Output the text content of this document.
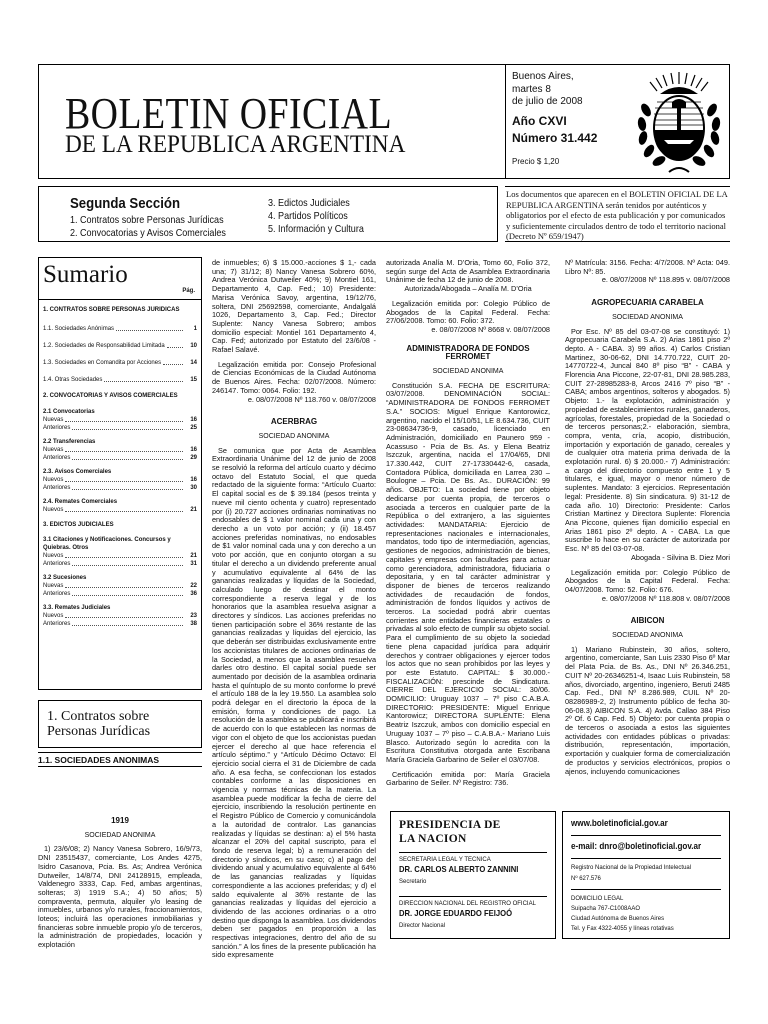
BOLETIN OFICIAL
DE LA REPUBLICA ARGENTINA
Buenos Aires,
martes 8
de julio de 2008
Año CXVI
Número 31.442
Precio $ 1,20
Segunda Sección
1. Contratos sobre Personas Jurídicas
2. Convocatorias y Avisos Comerciales
3. Edictos Judiciales
4. Partidos Políticos
5. Información y Cultura
Los documentos que aparecen en el BOLETIN OFICIAL DE LA REPUBLICA ARGENTINA serán tenidos por auténticos y obligatorios por el efecto de esta publicación y por comunicados y suficientemente circulados dentro de todo el territorio nacional (Decreto Nº 659/1947)
Sumario
Pág.
1. CONTRATOS SOBRE PERSONAS JURIDICAS
1.1. Sociedades Anónimas	1
1.2. Sociedades de Responsabilidad Limitada	10
1.3. Sociedades en Comandita por Acciones	14
1.4. Otras Sociedades	15
2. CONVOCATORIAS Y AVISOS COMERCIALES
2.1 Convocatorias
Nuevas	16
Anteriores	25
2.2 Transferencias
Nuevas	16
Anteriores	29
2.3. Avisos Comerciales
Nuevos	16
Anteriores	30
2.4. Remates Comerciales
Nuevos	21
3. EDICTOS JUDICIALES
3.1 Citaciones y Notificaciones. Concursos y Quiebras. Otros
Nuevos	21
Anteriores	31
3.2 Sucesiones
Nuevas	22
Anteriores	36
3.3. Remates Judiciales
Nuevos	23
Anteriores	38
1. Contratos sobre
Personas Jurídicas
1.1. SOCIEDADES ANONIMAS
1919
SOCIEDAD ANONIMA

1) 23/6/08; 2) Nancy Vanesa Sobrero, 16/9/73, DNI 23515437, comerciante, Los Andes 4275, Isidro Casanova, Pcia. Bs. As; Andrea Verónica Dutweiler, 14/8/74, DNI 24128915, empleada, Valdenegro 3333, Cap. Fed, ambas argentinas, solteras; 3) 1919 S.A.; 4) 50 años; 5) compraventa, permuta, alquiler y/o leasing de inmuebles, urbanos y/o rurales, fraccionamientos, loteos; incluirá las operaciones inmobiliarias y financieras sobre inmueble propio y/o de terceros, la administración de propiedades, locación y explotación

de inmuebles; 6) $ 15.000.-acciones $ 1,- cada una; 7) 31/12; 8) Nancy Vanesa Sobrero 60%, Andrea Verónica Dutweiler 40%; 9) Montiel 161, Departamento 4, Cap. Fed.; 10) Presidente: Marisa Verónica Savoy, argentina, 19/12/76, soltera, DNI 25692598, comerciante, Andalgalá 1026, Departamento 3, Cap. Fed.; Director Suplente: Nancy Vanesa Sobrero; ambos domicilio especial: Montiel 161 Departamento 4, Cap. Fed; autorizado por Estatuto del 23/6/08 - Rafael Salavé.

Legalización emitida por: Consejo Profesional de Ciencias Económicas de la Ciudad Autónoma de Buenos Aires. Fecha: 02/07/2008. Número: 246147. Tomo: 0064. Folio: 192.

e. 08/07/2008 Nº 118.760 v. 08/07/2008

ACERBRAG
SOCIEDAD ANONIMA

Se comunica que por Acta de Asamblea Extraordinaria Unánime del 12 de junio de 2008 se resolvió la reforma del artículo cuarto y décimo octavo del Estatuto Social, el que queda redactado de la siguiente forma: “Artículo Cuarto: El capital social es de $ 39.184 (pesos treinta y nueve mil ciento ochenta y cuatro) representado por (i) 20.727 acciones ordinarias nominativas no endosables de $ 1 valor nominal cada una y con derecho a un voto por acción; y (ii) 18.457 acciones preferidas nominativas, no endosables de $1 valor nominal cada una y con derecho a un voto por acción, que en conjunto otorgan a su titular el derecho a un dividendo preferente anual y acumulativo equivalente al 64% de las ganancias realizadas y líquidas de la Sociedad, calculado luego de destinar el monto correspondiente a reserva legal y de los honorarios que la asamblea resuelva asignar a directores y síndicos. Las acciones preferidas no tienen participación sobre el 36% restante de las ganancias realizadas y líquidas del ejercicio, las que deberán ser distribuidas exclusivamente entre los accionistas titulares de acciones ordinarias de la Sociedad, a menos que la asamblea resuelva darles otro destino. El capital social puede ser aumentado por decisión de la asamblea ordinaria hasta el quíntuplo de su monto conforme lo prevé el artículo 188 de la ley 19.550. La asamblea solo podrá delegar en el directorio la época de la emisión, forma y condiciones de pago. La resolución de la asamblea se publicará e inscribirá de acuerdo con lo que establecen las normas de vigor con el objeto de que los accionistas puedan ejercer el derecho al que hace referencia el artículo séptimo.” y “Artículo Décimo Octavo: El ejercicio social cierra el 31 de Diciembre de cada año. A esa fecha, se confeccionan los estados contables conforme a las disposiciones en vigencia y normas técnicas de la materia. La asamblea puede modificar la fecha de cierre del ejercicio, inscribiendo la resolución pertinente en el Registro Público de Comercio y comunicándola a la autoridad de contralor. Las ganancias realizadas y líquidas se destinan: a) el 5% hasta alcanzar el 20% del capital suscripto, para el fondo de reserva legal; b) a remuneración del directorio y síndicos, en su caso; c) al pago del dividendo anual y acumulativo equivalente al 64% de las ganancias realizadas y líquidas correspondiente a las acciones preferidas; y d) el saldo equivalente al 36% restante de las ganancias realizadas y líquidas del ejercicio a dividendo de las acciones ordinarias o a otro destino que disponga la asamblea. Los dividendos deben ser pagados en proporción a las respectivas integraciones, dentro del año de su sanción.” A los fines de la presente publicación ha sido expresamente

autorizada Analía M. D’Oria, Tomo 60, Folio 372, según surge del Acta de Asamblea Extraordinaria Unánime de fecha 12 de junio de 2008.

Autorizada/Abogada – Analía M. D’Oria

Legalización emitida por: Colegio Público de Abogados de la Capital Federal. Fecha: 27/06/2008. Tomo: 60. Folio: 372.

e. 08/07/2008 Nº 8668 v. 08/07/2008

ADMINISTRADORA DE FONDOS FERROMET
SOCIEDAD ANONIMA

Constitución S.A. FECHA DE ESCRITURA: 03/07/2008. DENOMINACIÓN SOCIAL: “ADMINISTRADORA DE FONDOS FERROMET S.A.” SOCIOS: Miguel Enrique Kantorowicz, argentino, nacido el 15/10/51, LE 8.634.736, CUIT 23-08634736-9, casado, licenciado en Administración, domiciliado en Paunero 959 - Acassuso - Pcia de Bs. As. y Elena Beatriz Iszczuk, argentina, nacida el 17/04/65, DNI 17.330.442, CUIT 27-17330442-6, casada, Contadora Pública, domiciliada en Larrea 230 – Boulogne – Pcia. De Bs. As.. DURACIÓN: 99 años. OBJETO: La sociedad tiene por objeto dedicarse por cuenta propia, de terceros o asociada a terceros en cualquier parte de la República o del extranjero, a las siguientes actividades: MANDATARIA: Ejercicio de representaciones nacionales e internacionales, mandatos, todo tipo de intermediación, agencias, gestiones de negocios, administración de bienes, capitales y empresas con facultades para actuar como gerenciadora, administradora, fiduciaria o depositaria, y en tal carácter administrar y disponer de bienes de terceros realizando actividades de recaudación de fondos, administración de fondos líquidos y activos de terceros. La sociedad podrá abrir cuentas corrientes ante entidades financieras estatales o privadas al solo efecto de cumplir su objeto social. Para el cumplimiento de su objeto la sociedad tiene plena capacidad jurídica para adquirir derechos y contraer obligaciones y ejercer todos los actos que no sean prohibidos por las leyes y por este Estatuto. CAPITAL: $ 30.000.- FISCALIZACIÓN: prescinde de Sindicatura. CIERRE DEL EJERCICIO SOCIAL: 30/06. DOMICILIO: Uruguay 1037 – 7º piso C.A.B.A. DIRECTORIO: PRESIDENTE: Miguel Enrique Kantorowicz; DIRECTORA SUPLENTE: Elena Beatriz Iszczuk, ambos con domicilio especial en Uruguay 1037 – 7º piso – C.A.B.A.- Mariano Luis Blasco. Autorizado según lo acredita con la Escritura Constitutiva otorgada ante Escribana María Graciela Garbarino de Seiler el 03/07/08.

Certificación emitida por: María Graciela Garbarino de Seiler. Nº Registro: 736.

Nº Matrícula: 3156. Fecha: 4/7/2008. Nº Acta: 049. Libro Nº: 85.

e. 08/07/2008 Nº 118.895 v. 08/07/2008

AGROPECUARIA CARABELA
SOCIEDAD ANONIMA

Por Esc. Nº 85 del 03-07-08 se constituyó: 1) Agropecuaria Carabela S.A. 2) Arias 1861 piso 2º depto. A - CABA. 3) 99 años. 4) Carlos Cristian Martinez, 30-06-62, DNI 14.770.722, CUIT 20-14770722-4, Juncal 840 8º piso “B” - CABA y Florencia Ana Piccone, 22-07-81, DNI 28.985.283, CUIT 27-28985283-8, Arcos 2416 7º piso “B” - CABA; ambos argentinos, solteros y abogados. 5) Objeto: 1.- la explotación, administración y propiedad de establecimientos rurales, ganaderos, agrícolas, forestales, propiedad de la Sociedad o de terceros personas;2.- elaboración, siembra, compra, venta, cría, acopio, distribución, importación y exportación de ganado, cereales y de cualquier otra materia prima derivada de la explotación rural. 6) $ 20.000.- 7) Administración: a cargo del directorio compuesto entre 1 y 5 titulares, e igual, mayor o menor número de suplentes. Mandato: 3 ejercicios. Representación legal: Presidente. 8) Sin sindicatura. 9) 31-12 de cada año. 10) Directorio: Presidente: Carlos Cristian Martinez y Directora Suplente: Florencia Ana Piccone, quienes fijan domicilio especial en Arias 1861 piso 2º depto. A - CABA. La que suscribe lo hace en su carácter de autorizada por Esc. Nº 85 del 03-07-08.

Abogada - Silvina B. Diez Mori

Legalización emitida por: Colegio Público de Abogados de la Capital Federal. Fecha: 04/07/2008. Tomo: 52. Folio: 676.

e. 08/07/2008 Nº 118.808 v. 08/07/2008

AIBICON
SOCIEDAD ANONIMA

1) Mariano Rubinstein, 30 años, soltero, argentino, comerciante, San Luis 2330 Piso 6º Mar del Plata Pcia. de Bs. As., DNI Nº 26.346.251, CUIT Nº 20-26346251-4, Isaac Luis Rubinstein, 58 años, divorciado, argentino, ingeniero, Beruti 2485 Cap. Fed., DNI Nº 8.286.989, CUIL Nº 20-08286989-2, 2) Instrumento público de fecha 30-06-08.3) AIBICON S.A. 4) Avda. Callao 384 Piso 2º Of. 6 Cap. Fed. 5) Objeto: por cuenta propia o de terceros o asociada a estos las siguientes actividades con entidades públicas o privadas: distribución, representación, importación, exportación y cualquier forma de comercialización de productos y servicios electrónicos, propios o ajenos, incluyendo comunicaciones

PRESIDENCIA DE
LA NACION
SECRETARIA LEGAL Y TECNICA
DR. CARLOS ALBERTO ZANNINI
Secretario
DIRECCION NACIONAL DEL REGISTRO OFICIAL
DR. JORGE EDUARDO FEIJOÓ
Director Nacional
www.boletinoficial.gov.ar
e-mail: dnro@boletinoficial.gov.ar
Registro Nacional de la Propiedad Intelectual
Nº 627.576
DOMICILIO LEGAL
Suipacha 767-C1008AAO
Ciudad Autónoma de Buenos Aires
Tel. y Fax 4322-4055 y líneas rotativas
